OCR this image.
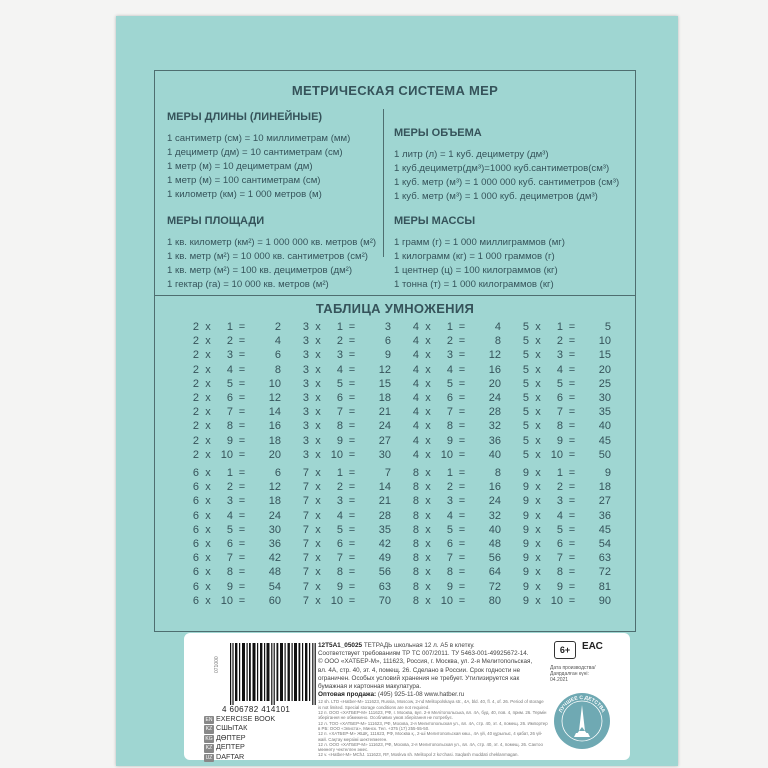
МЕТРИЧЕСКАЯ СИСТЕМА МЕР
МЕРЫ ДЛИНЫ (ЛИНЕЙНЫЕ)
1 сантиметр (см) = 10 миллиметрам (мм)
1 дециметр (дм) = 10 сантиметрам (см)
1 метр (м) = 10 дециметрам (дм)
1 метр (м) = 100 сантиметрам (см)
1 километр (км) = 1 000 метров (м)
МЕРЫ ПЛОЩАДИ
1 кв. километр (км²) = 1 000 000 кв. метров (м²)
1 кв. метр (м²) = 10 000 кв. сантиметров (см²)
1 кв. метр (м²) = 100 кв. дециметров (дм²)
1 гектар (га) = 10 000 кв. метров (м²)
МЕРЫ ОБЪЕМА
1 литр (л) = 1 куб. дециметру (дм³)
1 куб.дециметр(дм³)=1000 куб.сантиметров(см³)
1 куб. метр (м³) = 1 000 000 куб. сантиметров (см³)
1 куб. метр (м³) = 1 000 куб. дециметров (дм³)
МЕРЫ МАССЫ
1 грамм (г) = 1 000 миллиграммов (мг)
1 килограмм (кг) = 1 000 граммов (г)
1 центнер (ц) = 100 килограммов (кг)
1 тонна (т) = 1 000 килограммов (кг)
ТАБЛИЦА УМНОЖЕНИЯ
2 x	1 =	2
2 x	2 =	4
2 x	3 =	6
2 x	4 =	8
2 x	5 =	10
2 x	6 =	12
2 x	7 =	14
2 x	8 =	16
2 x	9 =	18
2 x 10 =	20
3 x	1 =	3
3 x	2 =	6
3 x	3 =	9
3 x	4 =	12
3 x	5 =	15
3 x	6 =	18
3 x	7 =	21
3 x	8 =	24
3 x	9 =	27
3 x 10 =	30
4 x	1 =	4
4 x	2 =	8
4 x	3 =	12
4 x	4 =	16
4 x	5 =	20
4 x	6 =	24
4 x	7 =	28
4 x	8 =	32
4 x	9 =	36
4 x 10 =	40
5 x	1 =	5
5 x	2 =	10
5 x	3 =	15
5 x	4 =	20
5 x	5 =	25
5 x	6 =	30
5 x	7 =	35
5 x	8 =	40
5 x	9 =	45
5 x 10 =	50
6 x	1 =	6
6 x	2 =	12
6 x	3 =	18
6 x	4 =	24
6 x	5 =	30
6 x	6 =	36
6 x	7 =	42
6 x	8 =	48
6 x	9 =	54
6 x 10 =	60
7 x	1 =	7
7 x	2 =	14
7 x	3 =	21
7 x	4 =	28
7 x	5 =	35
7 x	6 =	42
7 x	7 =	49
7 x	8 =	56
7 x	9 =	63
7 x 10 =	70
8 x	1 =	8
8 x	2 =	16
8 x	3 =	24
8 x	4 =	32
8 x	5 =	40
8 x	6 =	48
8 x	7 =	56
8 x	8 =	64
8 x	9 =	72
8 x 10 =	80
9 x	1 =	9
9 x	2 =	18
9 x	3 =	27
9 x	4 =	36
9 x	5 =	45
9 x	6 =	54
9 x	7 =	63
9 x	8 =	72
9 x	9 =	81
9 x 10 =	90
071000
4 606782 414101
EN EXERCISE BOOK
KZ СШЫТАК
KG ДӨПТЕР
KZ ДЕПТЕР
UZ DAFTAR
12Т5А1_05025 ТЕТРАДЬ школьная 12 л. А5 в клетку.
Соответствует требованиям ТР ТС 007/2011. ТУ 5463-001-49925672-14.
© ООО «ХАТБЕР-М», 111623, Россия, г. Москва, ул. 2-я Мелитопольская,
вл. 4А, стр. 40, эт. 4, помещ. 26. Сделано в России. Срок годности не ограничен. Особых условий хранения не требует. Утилизируется как бумажная и картонная макулатура.
Оптовая продажа: (495) 925-11-08 www.hatber.ru
12 sh. LTD «Hatber-M» 111623, Russia, Moscow, 2-nd Melitopolskaya str., 4A, bld. 40, fl. 4, of. 26. Period of storage is not limited. Special storage conditions are not required.
12 п. ООО «ХАТБЕР-М» 111623, РФ, г. Москва, вул. 2-я Мелітопольська, вл. 4А, буд. 40, пов. 4, прим. 26. Термін зберігання не обмежено. Особливих умов зберігання не потребує.
12 л. ТОО «ХАТБЕР-М» 111623, РФ, Москва, 2-я Мелитопольская ул., вл. 4А, стр. 40, эт. 4, помещ. 26. Импортер в РБ: ООО «Элиста», Минск. Тел. +375 (17) 255-55-50.
12 п. «ХАТБЕР-М» ЖШҚ, 111623, РФ, Москва қ., 2-ші Мелитопольская көш., 4А үй, 40 құрылыс, 4 қабат, 26 үй-жай. Сақтау мерзімі шектелмеген.
12 л. ООО «ХАТБЕР-М» 111623, РФ, Москва, 2-я Мелитопольская ул., вл. 4А, стр. 40, эт. 4, помещ. 26. Сактоо мөөнөтү чектелген эмес.
12 v. «Hatber-M» MChJ. 111623, RF, Moskva sh. Melitopol 2 ko'chasi. Saqlash muddati cheklanmagan.
6+	ЕАС
Дата производства/ Даярдалған күні:
04.2021
ЛУЧШЕЕ С ДЕТСТВА
